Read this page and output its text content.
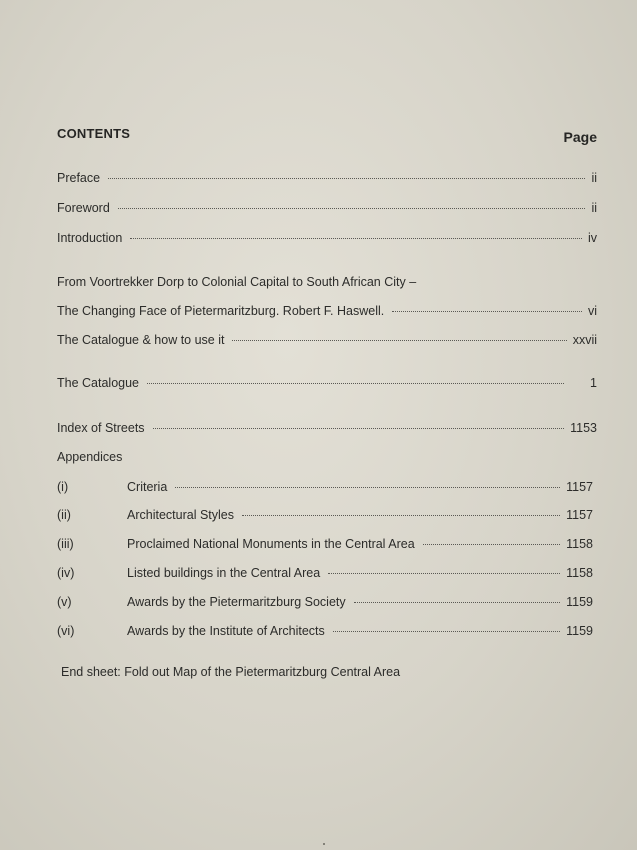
CONTENTS	Page
Preface	ii
Foreword	ii
Introduction	iv
From Voortrekker Dorp to Colonial Capital to South African City –
The Changing Face of Pietermaritzburg. Robert F. Haswell.	vi
The Catalogue & how to use it	xxvii
The Catalogue	1
Index of Streets	1153
Appendices
(i)	Criteria	1157
(ii)	Architectural Styles	1157
(iii)	Proclaimed National Monuments in the Central Area	1158
(iv)	Listed buildings in the Central Area	1158
(v)	Awards by the Pietermaritzburg Society	1159
(vi)	Awards by the Institute of Architects	1159
End sheet: Fold out Map of the Pietermaritzburg Central Area
